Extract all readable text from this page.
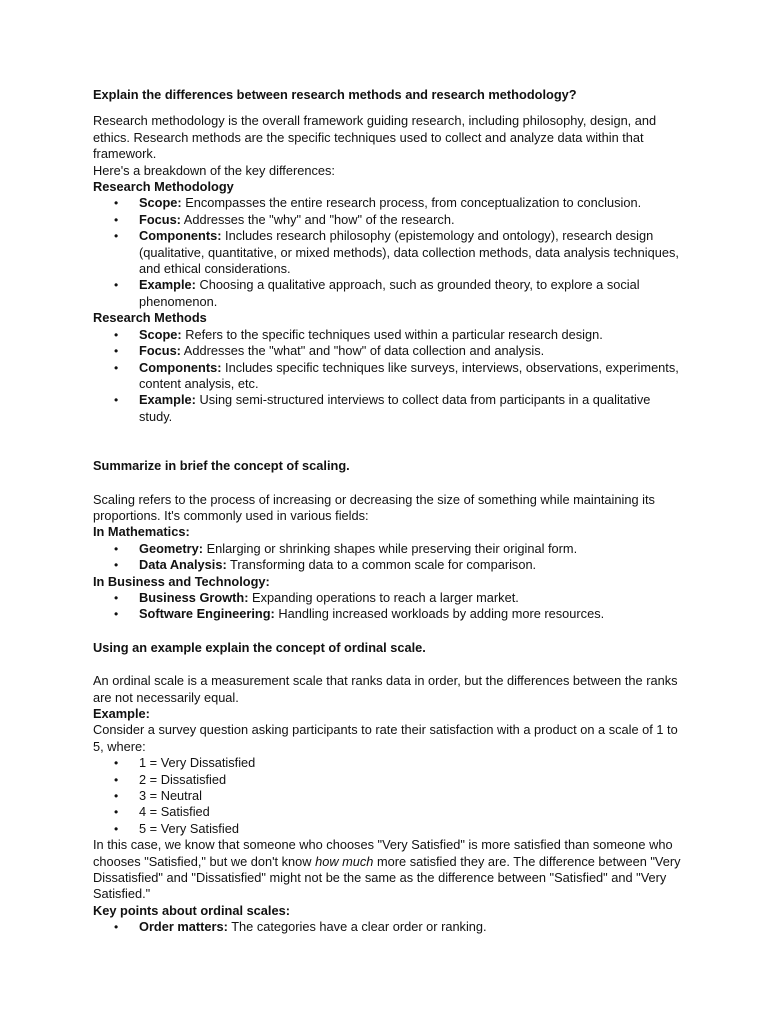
Explain the differences between research methods and research methodology?

Research methodology is the overall framework guiding research, including philosophy, design, and ethics. Research methods are the specific techniques used to collect and analyze data within that framework.

Here's a breakdown of the key differences:

Research Methodology

• Scope: Encompasses the entire research process, from conceptualization to conclusion.
• Focus: Addresses the "why" and "how" of the research.
• Components: Includes research philosophy (epistemology and ontology), research design (qualitative, quantitative, or mixed methods), data collection methods, data analysis techniques, and ethical considerations.
• Example: Choosing a qualitative approach, such as grounded theory, to explore a social phenomenon.

Research Methods

• Scope: Refers to the specific techniques used within a particular research design.
• Focus: Addresses the "what" and "how" of data collection and analysis.
• Components: Includes specific techniques like surveys, interviews, observations, experiments, content analysis, etc.
• Example: Using semi-structured interviews to collect data from participants in a qualitative study.

Summarize in brief the concept of scaling.

Scaling refers to the process of increasing or decreasing the size of something while maintaining its proportions. It's commonly used in various fields:

In Mathematics:

• Geometry: Enlarging or shrinking shapes while preserving their original form.
• Data Analysis: Transforming data to a common scale for comparison.

In Business and Technology:

• Business Growth: Expanding operations to reach a larger market.
• Software Engineering: Handling increased workloads by adding more resources.

Using an example explain the concept of ordinal scale.

An ordinal scale is a measurement scale that ranks data in order, but the differences between the ranks are not necessarily equal.

Example:

Consider a survey question asking participants to rate their satisfaction with a product on a scale of 1 to 5, where:

• 1 = Very Dissatisfied
• 2 = Dissatisfied
• 3 = Neutral
• 4 = Satisfied
• 5 = Very Satisfied

In this case, we know that someone who chooses "Very Satisfied" is more satisfied than someone who chooses "Satisfied," but we don't know how much more satisfied they are. The difference between "Very Dissatisfied" and "Dissatisfied" might not be the same as the difference between "Satisfied" and "Very Satisfied."

Key points about ordinal scales:

• Order matters: The categories have a clear order or ranking.
